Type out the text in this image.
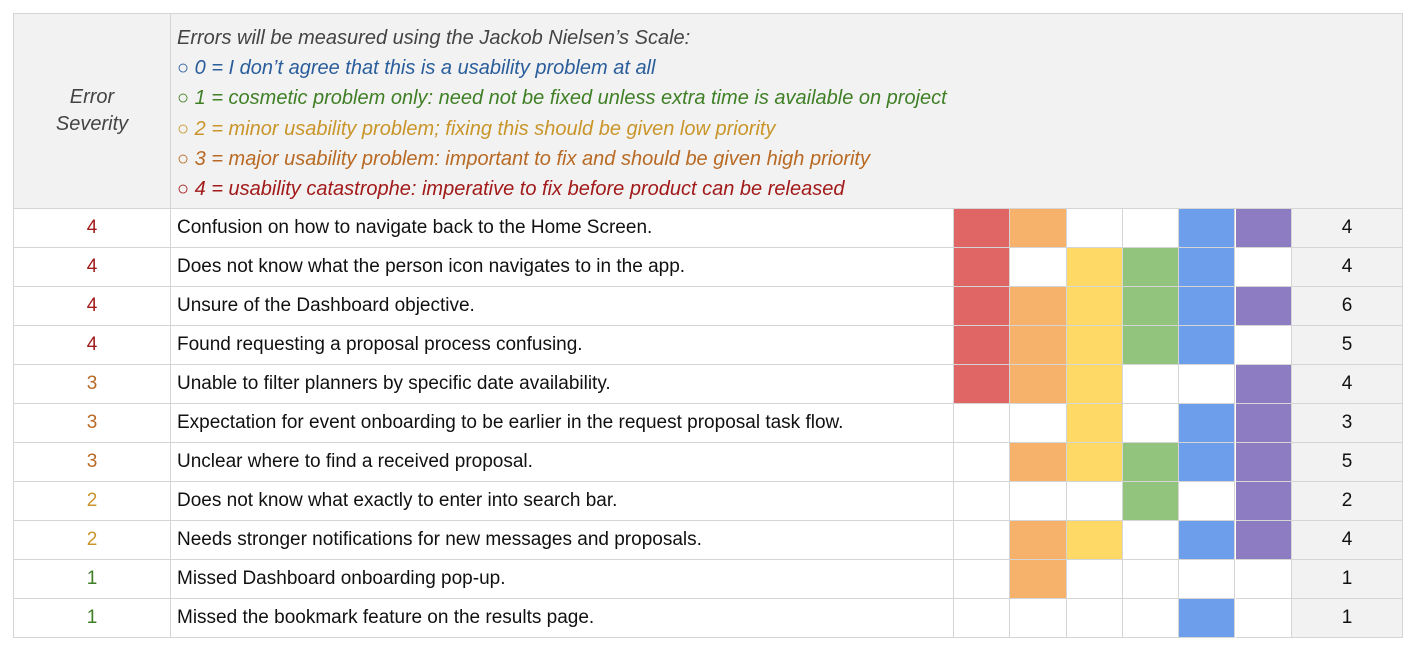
Error Severity
Errors will be measured using the Jackob Nielsen’s Scale:
○ 0 = I don’t agree that this is a usability problem at all
○ 1 = cosmetic problem only: need not be fixed unless extra time is available on project
○ 2 = minor usability problem; fixing this should be given low priority
○ 3 = major usability problem: important to fix and should be given high priority
○ 4 = usability catastrophe: imperative to fix before product can be released
4	Confusion on how to navigate back to the Home Screen.	4
4	Does not know what the person icon navigates to in the app.	4
4	Unsure of the Dashboard objective.	6
4	Found requesting a proposal process confusing.	5
3	Unable to filter planners by specific date availability.	4
3	Expectation for event onboarding to be earlier in the request proposal task flow.	3
3	Unclear where to find a received proposal.	5
2	Does not know what exactly to enter into search bar.	2
2	Needs stronger notifications for new messages and proposals.	4
1	Missed Dashboard onboarding pop-up.	1
1	Missed the bookmark feature on the results page.	1
